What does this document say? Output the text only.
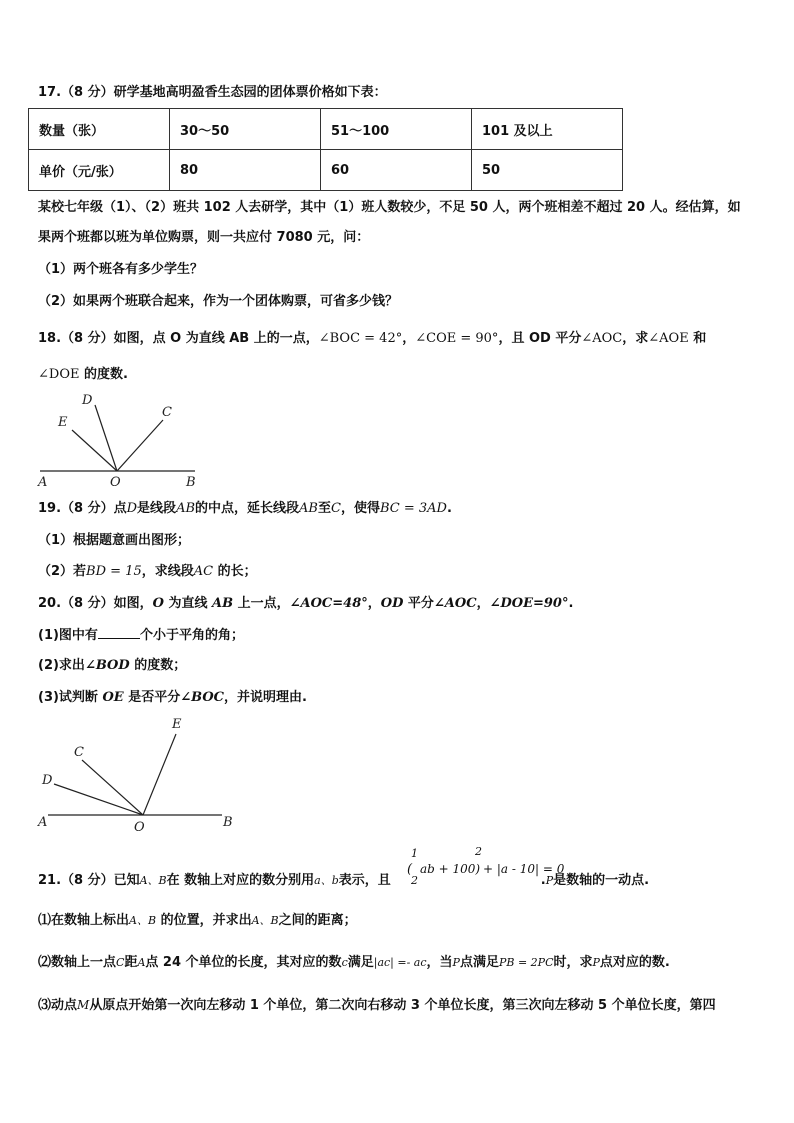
17.（8 分）研学基地高明盈香生态园的团体票价格如下表：
数量（张）	30～50	51～100	101 及以上
单价（元/张）	80	60	50
某校七年级（1）、（2）班共 102 人去研学，其中（1）班人数较少，不足 50 人，两个班相差不超过 20 人。经估算，如
果两个班都以班为单位购票，则一共应付 7080 元，问：
（1）两个班各有多少学生？
（2）如果两个班联合起来，作为一个团体购票，可省多少钱？
18.（8 分）如图，点 O 为直线 AB 上的一点，∠BOC = 42°，∠COE = 90°，且 OD 平分∠AOC，求∠AOE 和
∠DOE 的度数.
D
E
C
A	O	B
19.（8 分）点D是线段AB的中点，延长线段AB至C，使得BC = 3AD.
（1）根据题意画出图形；
（2）若BD = 15，求线段AC 的长；
20.（8 分）如图，O 为直线 AB 上一点，∠AOC=48°，OD 平分∠AOC，∠DOE=90°.
(1)图中有	个小于平角的角；
(2)求出∠BOD 的度数；
(3)试判断 OE 是否平分∠BOC，并说明理由.
E
C
D
A	O	B
21.（8 分）已知A、B在 数轴上对应的数分别用a、b表示，且	.P是数轴的一动点.
1	2
( ab + 100) + |a - 10| = 0
2
⑴在数轴上标出A、B 的位置，并求出A、B之间的距离；
⑵数轴上一点C距A点 24 个单位的长度，其对应的数c满足|ac| =- ac，当P点满足PB = 2PC时，求P点对应的数.
⑶动点M从原点开始第一次向左移动 1 个单位，第二次向右移动 3 个单位长度，第三次向左移动 5 个单位长度，第四
